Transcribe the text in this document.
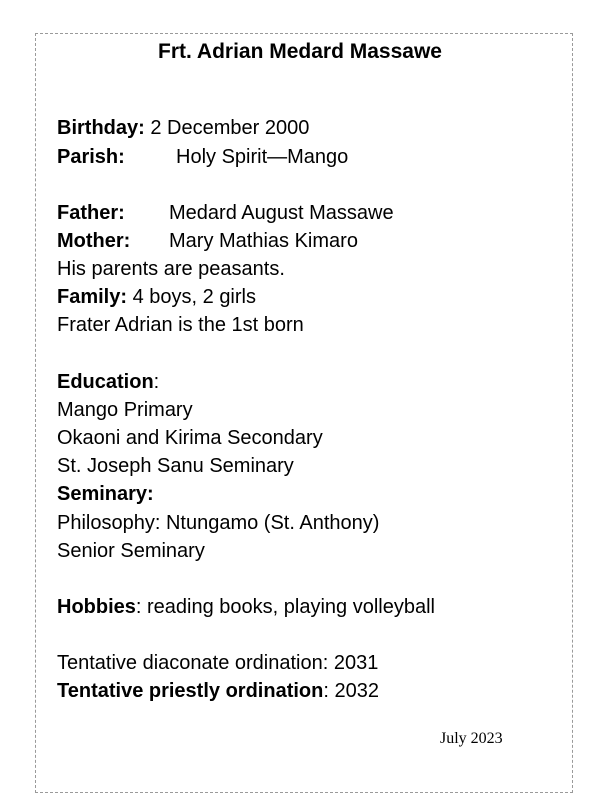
Frt. Adrian Medard Massawe
Birthday: 2 December 2000
Parish:	Holy Spirit—Mango
Father: Medard August Massawe
Mother: Mary Mathias Kimaro
His parents are peasants.
Family: 4 boys, 2 girls
Frater Adrian is the 1st born
Education:
Mango Primary
Okaoni and Kirima Secondary
St. Joseph Sanu Seminary
Seminary:
Philosophy: Ntungamo (St. Anthony)
Senior Seminary
Hobbies: reading books, playing volleyball
Tentative diaconate ordination: 2031
Tentative priestly ordination: 2032
July 2023
